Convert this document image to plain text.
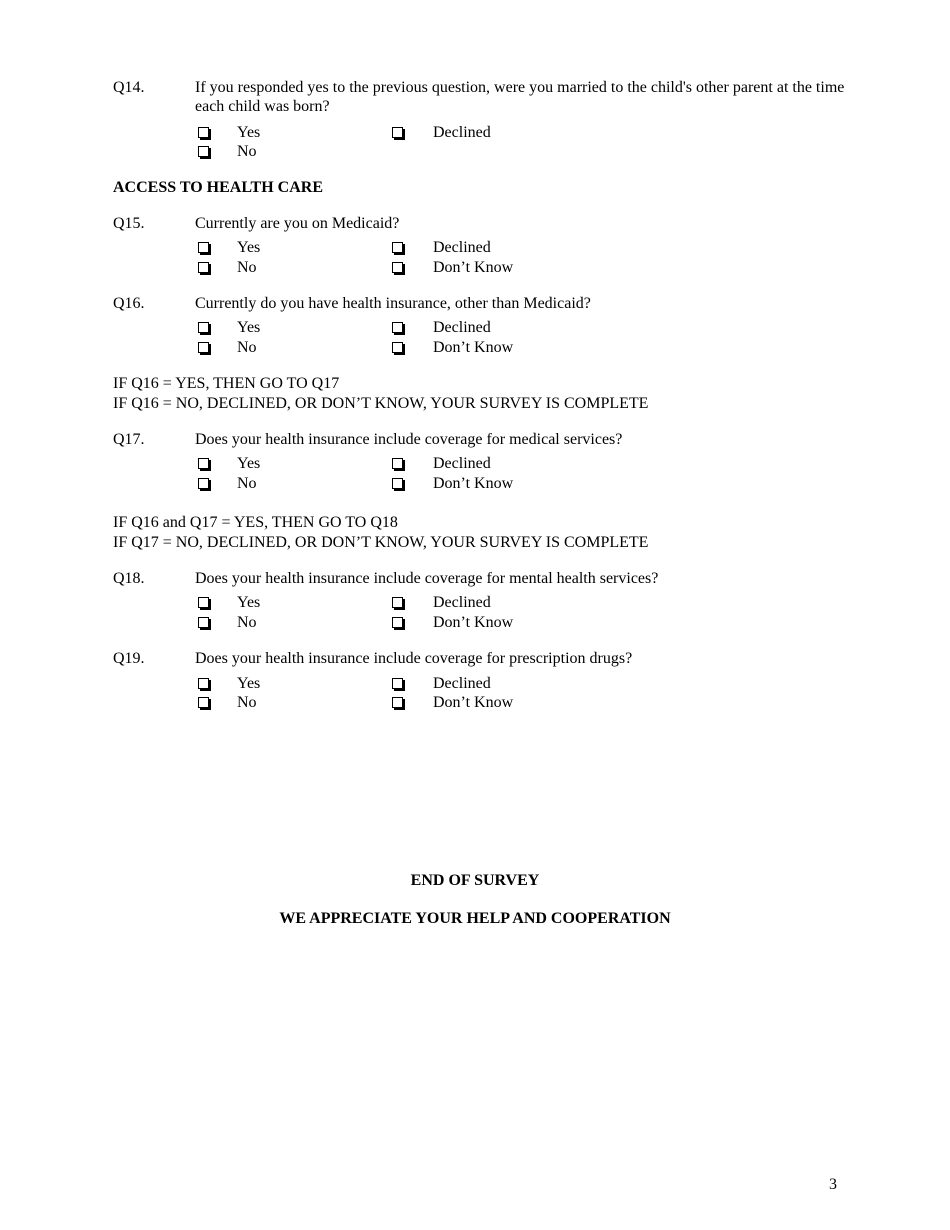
Q14.	If you responded yes to the previous question, were you married to the child's other parent at the time each child was born?
Yes	Declined
No
ACCESS TO HEALTH CARE
Q15.	Currently are you on Medicaid?
Yes	Declined
No	Don’t Know
Q16.	Currently do you have health insurance, other than Medicaid?
Yes	Declined
No	Don’t Know
IF Q16 = YES, THEN GO TO Q17
IF Q16 = NO, DECLINED, OR DON’T KNOW, YOUR SURVEY IS COMPLETE
Q17.	Does your health insurance include coverage for medical services?
Yes	Declined
No	Don’t Know
IF Q16 and Q17 = YES, THEN GO TO Q18
IF Q17 = NO, DECLINED, OR DON’T KNOW, YOUR SURVEY IS COMPLETE
Q18.	Does your health insurance include coverage for mental health services?
Yes	Declined
No	Don’t Know
Q19.	Does your health insurance include coverage for prescription drugs?
Yes	Declined
No	Don’t Know
END OF SURVEY
WE APPRECIATE YOUR HELP AND COOPERATION
3
